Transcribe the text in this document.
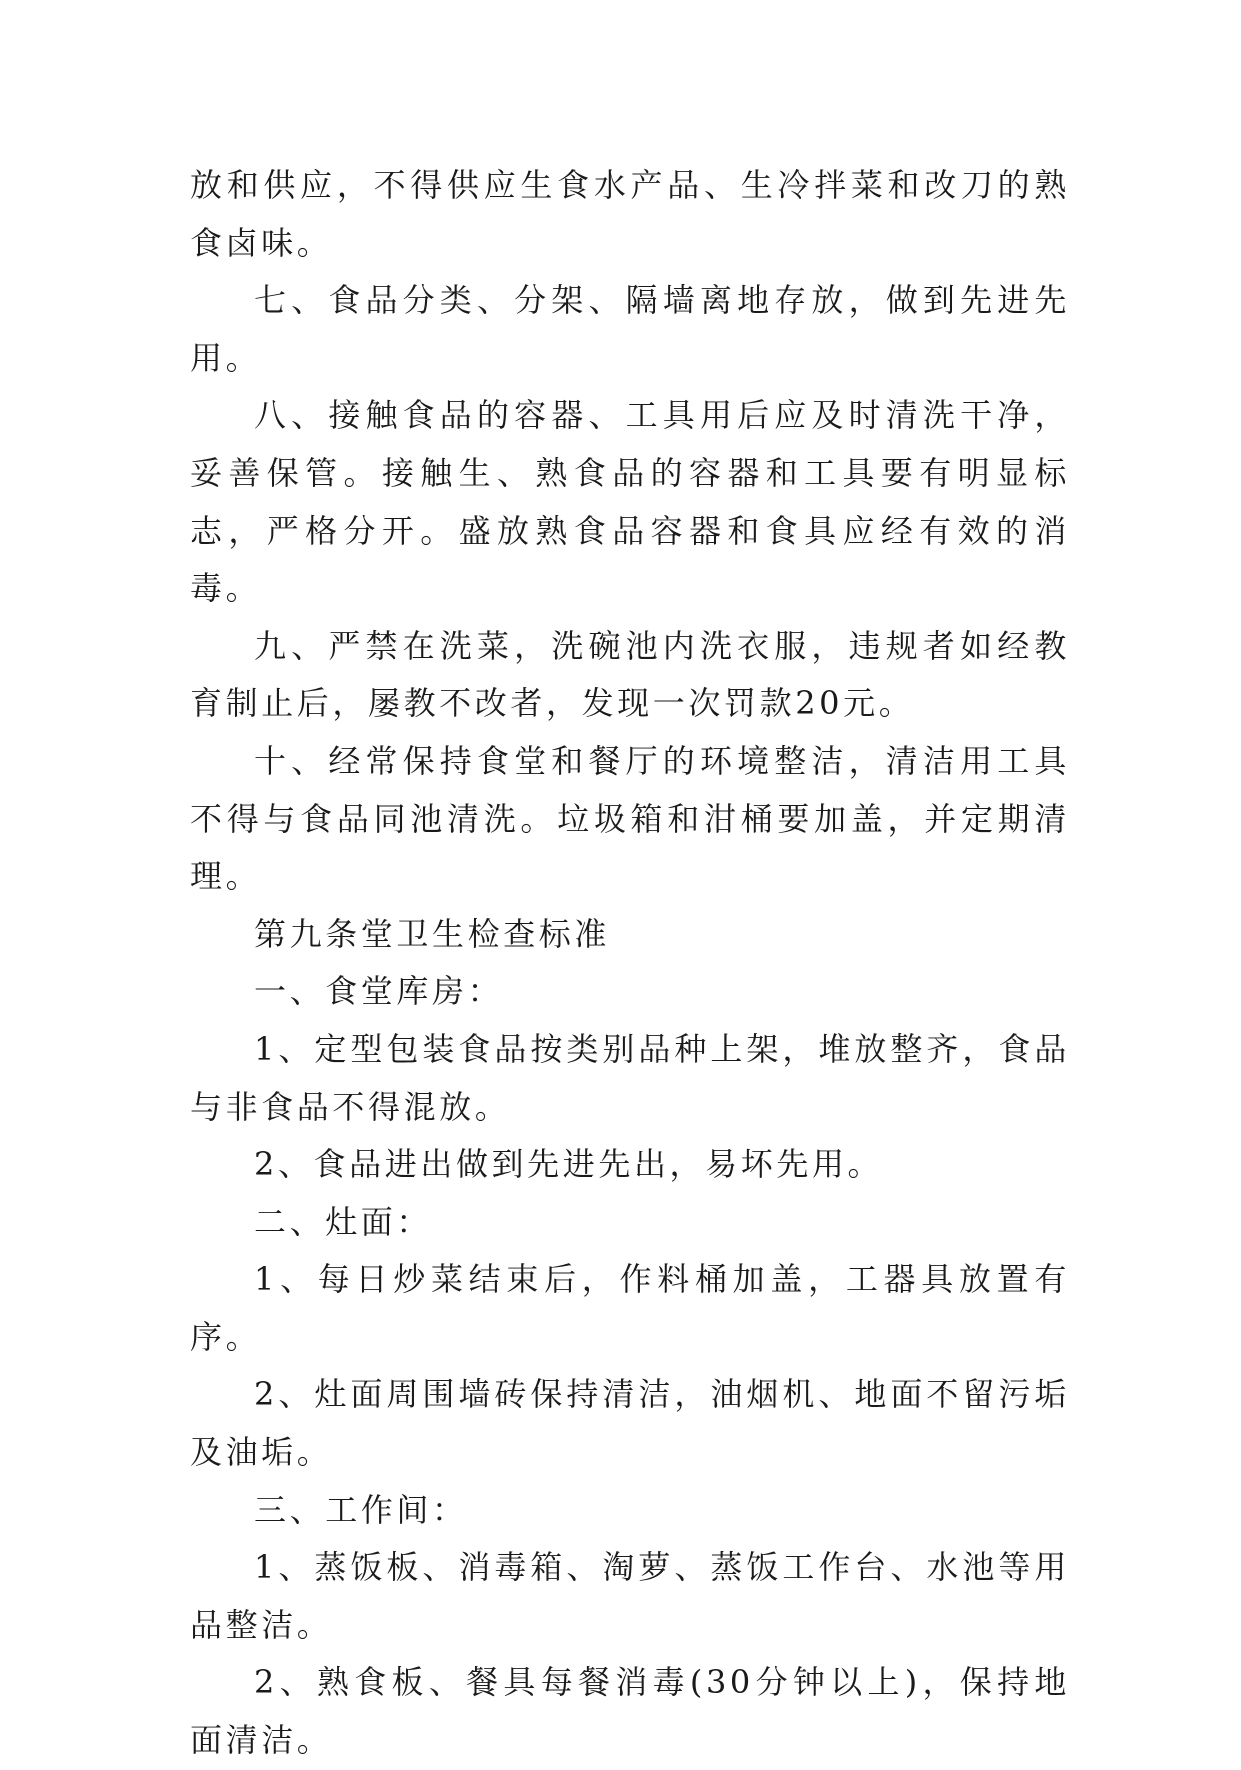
放和供应，不得供应生食水产品、生冷拌菜和改刀的熟食卤味。

七、食品分类、分架、隔墙离地存放，做到先进先用。

八、接触食品的容器、工具用后应及时清洗干净，妥善保管。接触生、熟食品的容器和工具要有明显标志，严格分开。盛放熟食品容器和食具应经有效的消毒。

九、严禁在洗菜，洗碗池内洗衣服，违规者如经教育制止后，屡教不改者，发现一次罚款20元。

十、经常保持食堂和餐厅的环境整洁，清洁用工具不得与食品同池清洗。垃圾箱和泔桶要加盖，并定期清理。

第九条堂卫生检查标准

一、食堂库房：

1、定型包装食品按类别品种上架，堆放整齐，食品与非食品不得混放。

2、食品进出做到先进先出，易坏先用。

二、灶面：

1、每日炒菜结束后，作料桶加盖，工器具放置有序。

2、灶面周围墙砖保持清洁，油烟机、地面不留污垢及油垢。

三、工作间：

1、蒸饭板、消毒箱、淘萝、蒸饭工作台、水池等用品整洁。

2、熟食板、餐具每餐消毒(30分钟以上)，保持地面清洁。
